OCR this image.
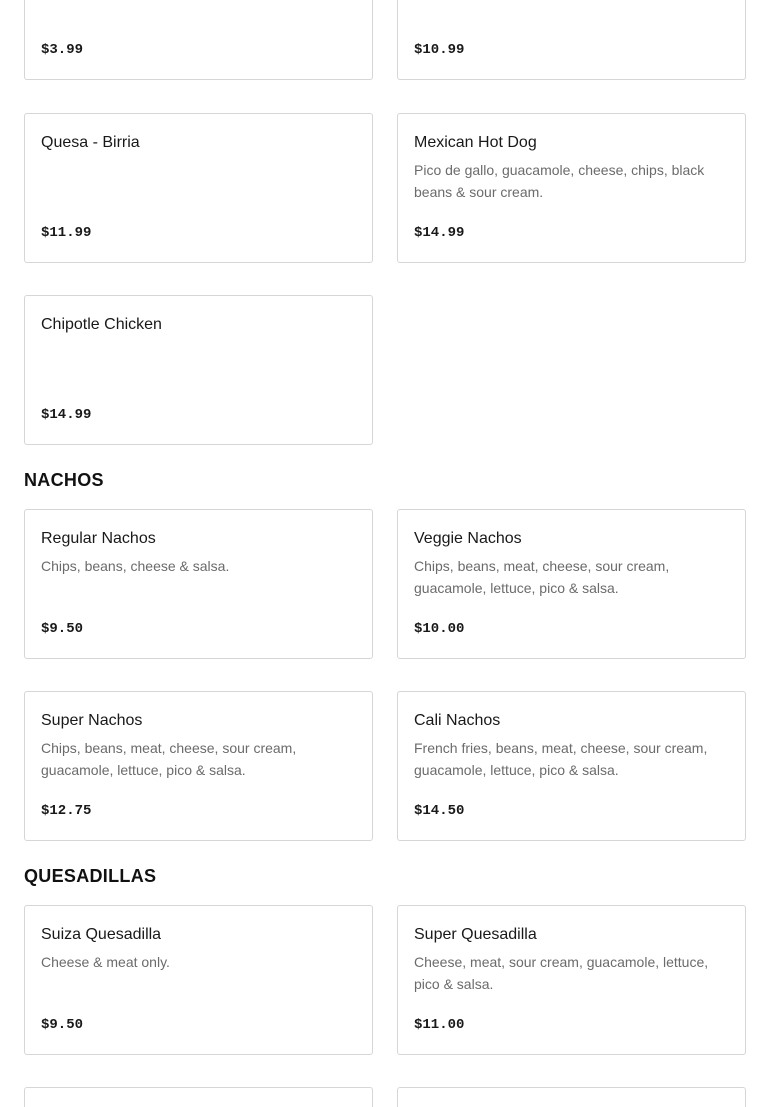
$3.99	$10.99
Quesa - Birria
$11.99
Mexican Hot Dog
Pico de gallo, guacamole, cheese, chips, black beans & sour cream.
$14.99
Chipotle Chicken
$14.99
NACHOS
Regular Nachos
Chips, beans, cheese & salsa.
$9.50
Veggie Nachos
Chips, beans, meat, cheese, sour cream, guacamole, lettuce, pico & salsa.
$10.00
Super Nachos
Chips, beans, meat, cheese, sour cream, guacamole, lettuce, pico & salsa.
$12.75
Cali Nachos
French fries, beans, meat, cheese, sour cream, guacamole, lettuce, pico & salsa.
$14.50
QUESADILLAS
Suiza Quesadilla
Cheese & meat only.
$9.50
Super Quesadilla
Cheese, meat, sour cream, guacamole, lettuce, pico & salsa.
$11.00
